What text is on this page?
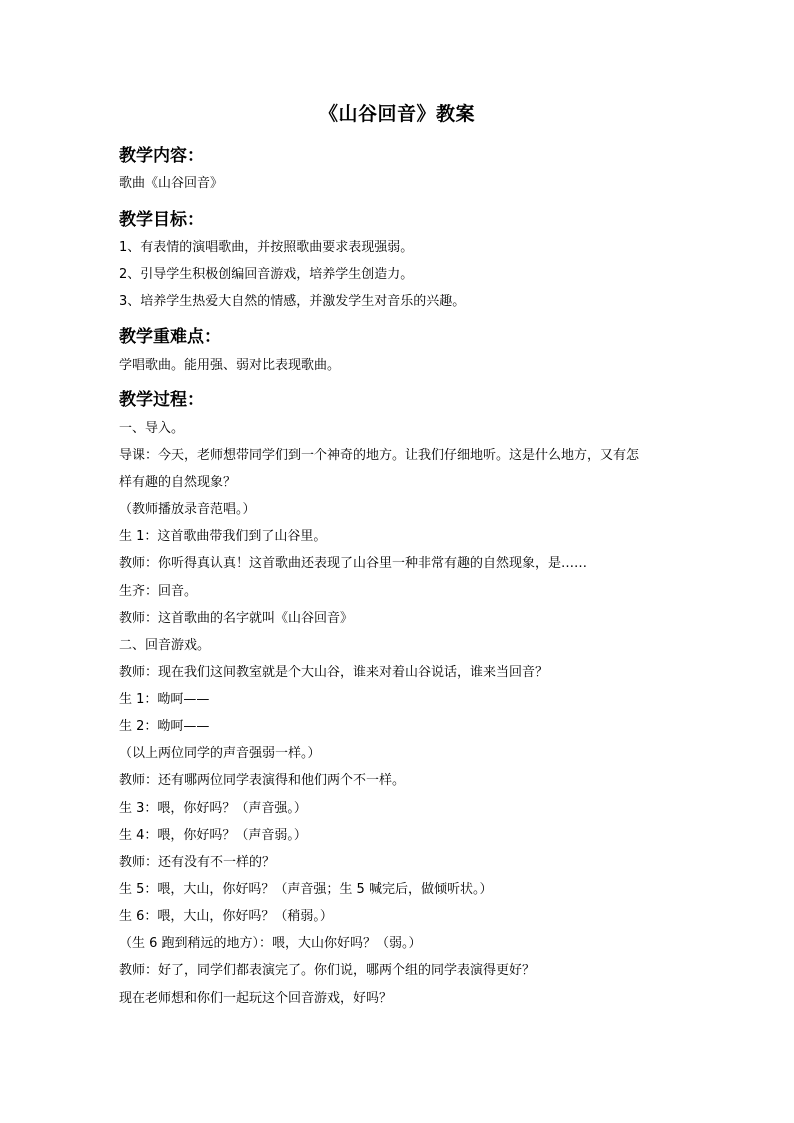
《山谷回音》教案
教学内容：
歌曲《山谷回音》
教学目标：
1、有表情的演唱歌曲，并按照歌曲要求表现强弱。
2、引导学生积极创编回音游戏，培养学生创造力。
3、培养学生热爱大自然的情感，并激发学生对音乐的兴趣。
教学重难点：
学唱歌曲。能用强、弱对比表现歌曲。
教学过程：
一、导入。
导课：今天，老师想带同学们到一个神奇的地方。让我们仔细地听。这是什么地方，又有怎
样有趣的自然现象？
（教师播放录音范唱。）
生 1：这首歌曲带我们到了山谷里。
教师：你听得真认真！这首歌曲还表现了山谷里一种非常有趣的自然现象，是……
生齐：回音。
教师：这首歌曲的名字就叫《山谷回音》
二、回音游戏。
教师：现在我们这间教室就是个大山谷，谁来对着山谷说话，谁来当回音？
生 1：呦呵——
生 2：呦呵——
（以上两位同学的声音强弱一样。）
教师：还有哪两位同学表演得和他们两个不一样。
生 3：喂，你好吗？（声音强。）
生 4：喂，你好吗？（声音弱。）
教师：还有没有不一样的？
生 5：喂，大山，你好吗？（声音强；生 5 喊完后，做倾听状。）
生 6：喂，大山，你好吗？（稍弱。）
（生 6 跑到稍远的地方）：喂，大山你好吗？（弱。）
教师：好了，同学们都表演完了。你们说，哪两个组的同学表演得更好？
现在老师想和你们一起玩这个回音游戏，好吗？
